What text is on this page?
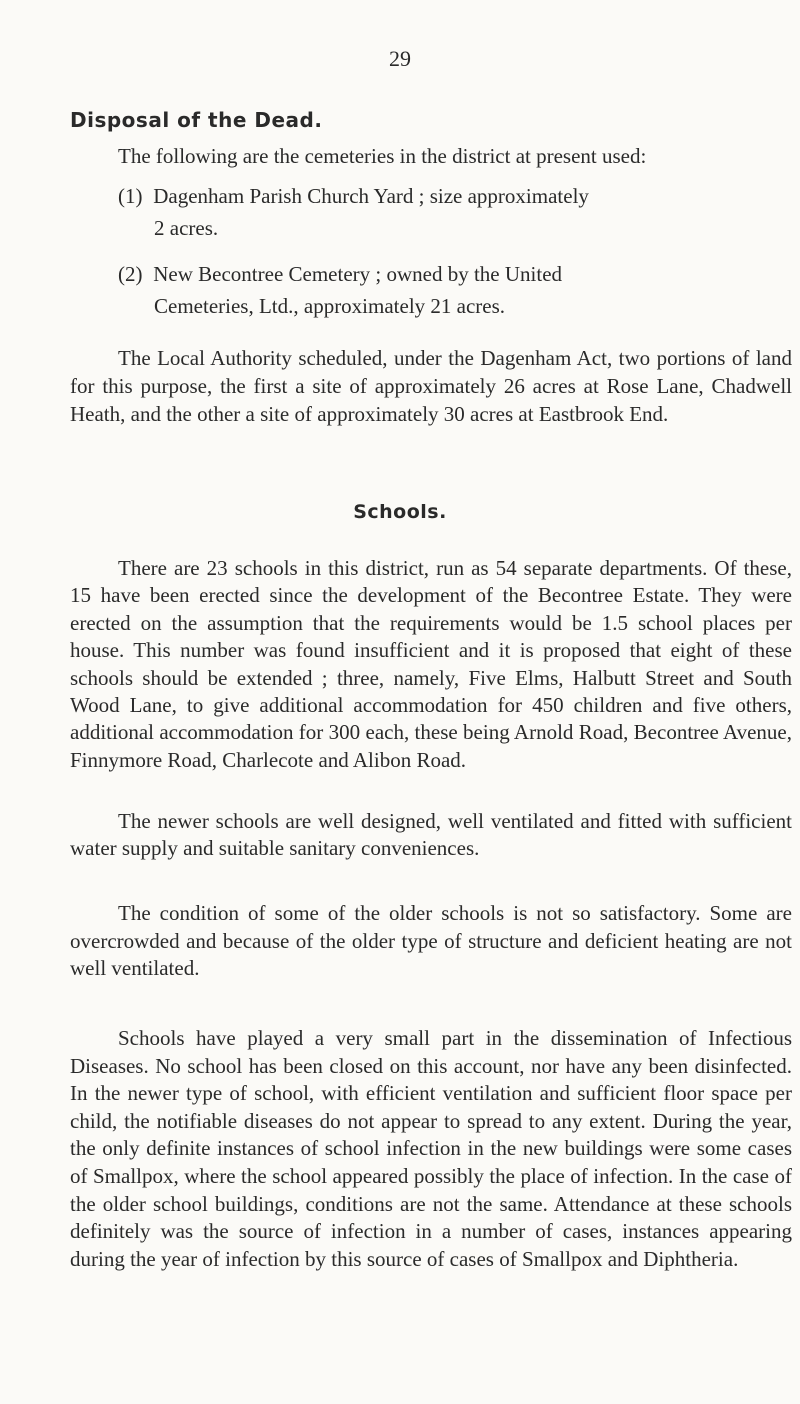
29
Disposal of the Dead.

The following are the cemeteries in the district at present used:

(1) Dagenham Parish Church Yard ; size approximately
2 acres.
(2) New Becontree Cemetery ; owned by the United
Cemeteries, Ltd., approximately 21 acres.

The Local Authority scheduled, under the Dagenham Act, two portions of land for this purpose, the first a site of approximately 26 acres at Rose Lane, Chadwell Heath, and the other a site of approximately 30 acres at Eastbrook End.

Schools.

There are 23 schools in this district, run as 54 separate departments. Of these, 15 have been erected since the development of the Becontree Estate. They were erected on the assumption that the requirements would be 1.5 school places per house. This number was found insufficient and it is proposed that eight of these schools should be extended ; three, namely, Five Elms, Halbutt Street and South Wood Lane, to give additional accommodation for 450 children and five others, additional accommodation for 300 each, these being Arnold Road, Becontree Avenue, Finnymore Road, Charlecote and Alibon Road.

The newer schools are well designed, well ventilated and fitted with sufficient water supply and suitable sanitary conveniences.

The condition of some of the older schools is not so satisfactory. Some are overcrowded and because of the older type of structure and deficient heating are not well ventilated.

Schools have played a very small part in the dissemination of Infectious Diseases. No school has been closed on this account, nor have any been disinfected. In the newer type of school, with efficient ventilation and sufficient floor space per child, the notifiable diseases do not appear to spread to any extent. During the year, the only definite instances of school infection in the new buildings were some cases of Smallpox, where the school appeared possibly the place of infection. In the case of the older school buildings, conditions are not the same. Attendance at these schools definitely was the source of infection in a number of cases, instances appearing during the year of infection by this source of cases of Smallpox and Diphtheria.
